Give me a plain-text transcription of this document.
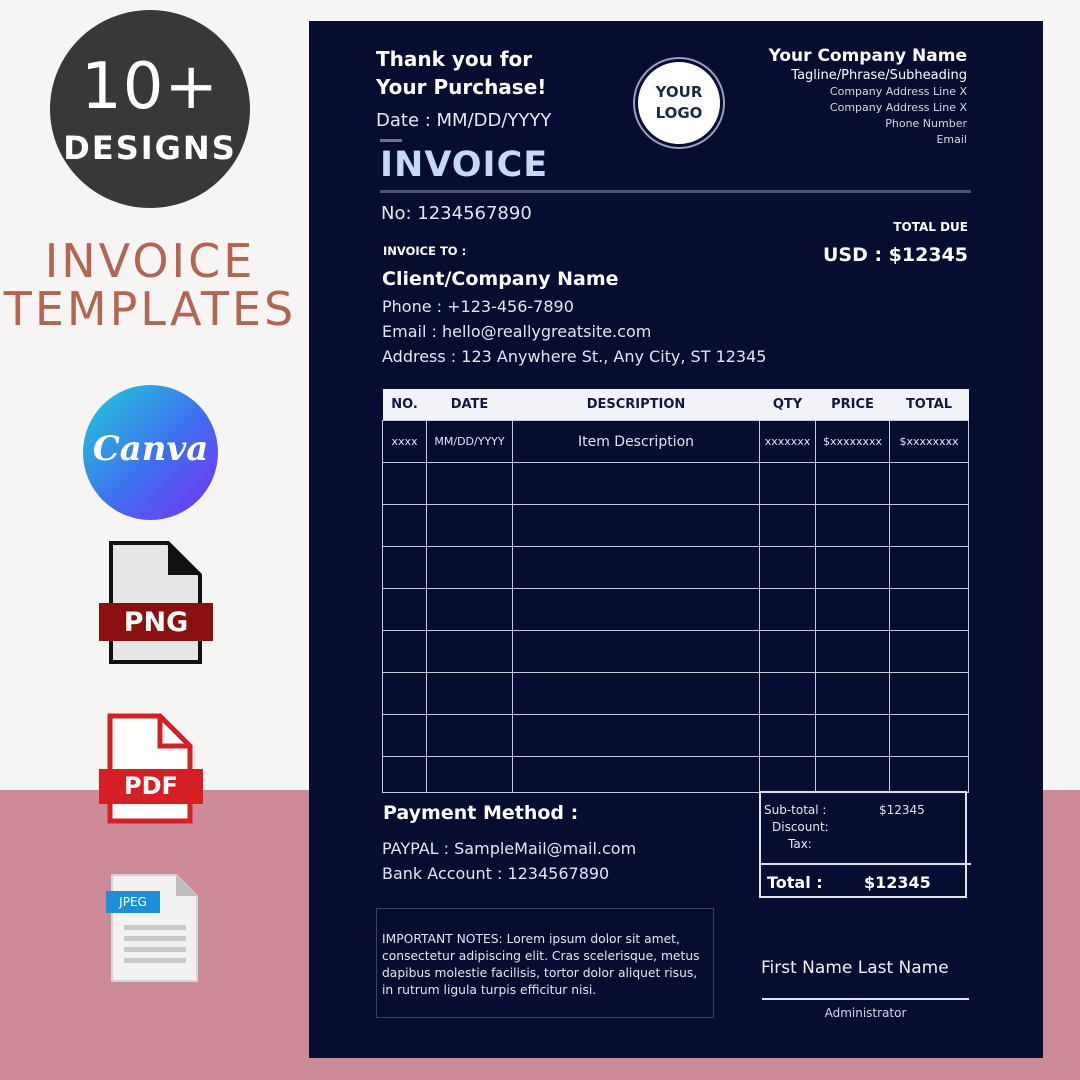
10+
DESIGNS
INVOICE
TEMPLATES
Canva
PNG
PDF
JPEG
Thank you for
Your Purchase!
Date : MM/DD/YYYY
YOUR
LOGO
Your Company Name
Tagline/Phrase/Subheading
Company Address Line X
Company Address Line X
Phone Number
Email
INVOICE
No: 1234567890
TOTAL DUE
USD : $12345
INVOICE TO :
Client/Company Name
Phone : +123-456-7890
Email : hello@reallygreatsite.com
Address : 123 Anywhere St., Any City, ST 12345
NO.	DATE	DESCRIPTION	QTY	PRICE	TOTAL
xxxx	MM/DD/YYYY	Item Description	xxxxxxx	$xxxxxxxx	$xxxxxxxx

Payment Method :
PAYPAL : SampleMail@mail.com
Bank Account : 1234567890
Sub-total :	$12345
Discount:
Tax:
Total :	$12345
IMPORTANT NOTES: Lorem ipsum dolor sit amet, consectetur adipiscing elit. Cras scelerisque, metus dapibus molestie facilisis, tortor dolor aliquet risus, in rutrum ligula turpis efficitur nisi.
First Name Last Name
Administrator
